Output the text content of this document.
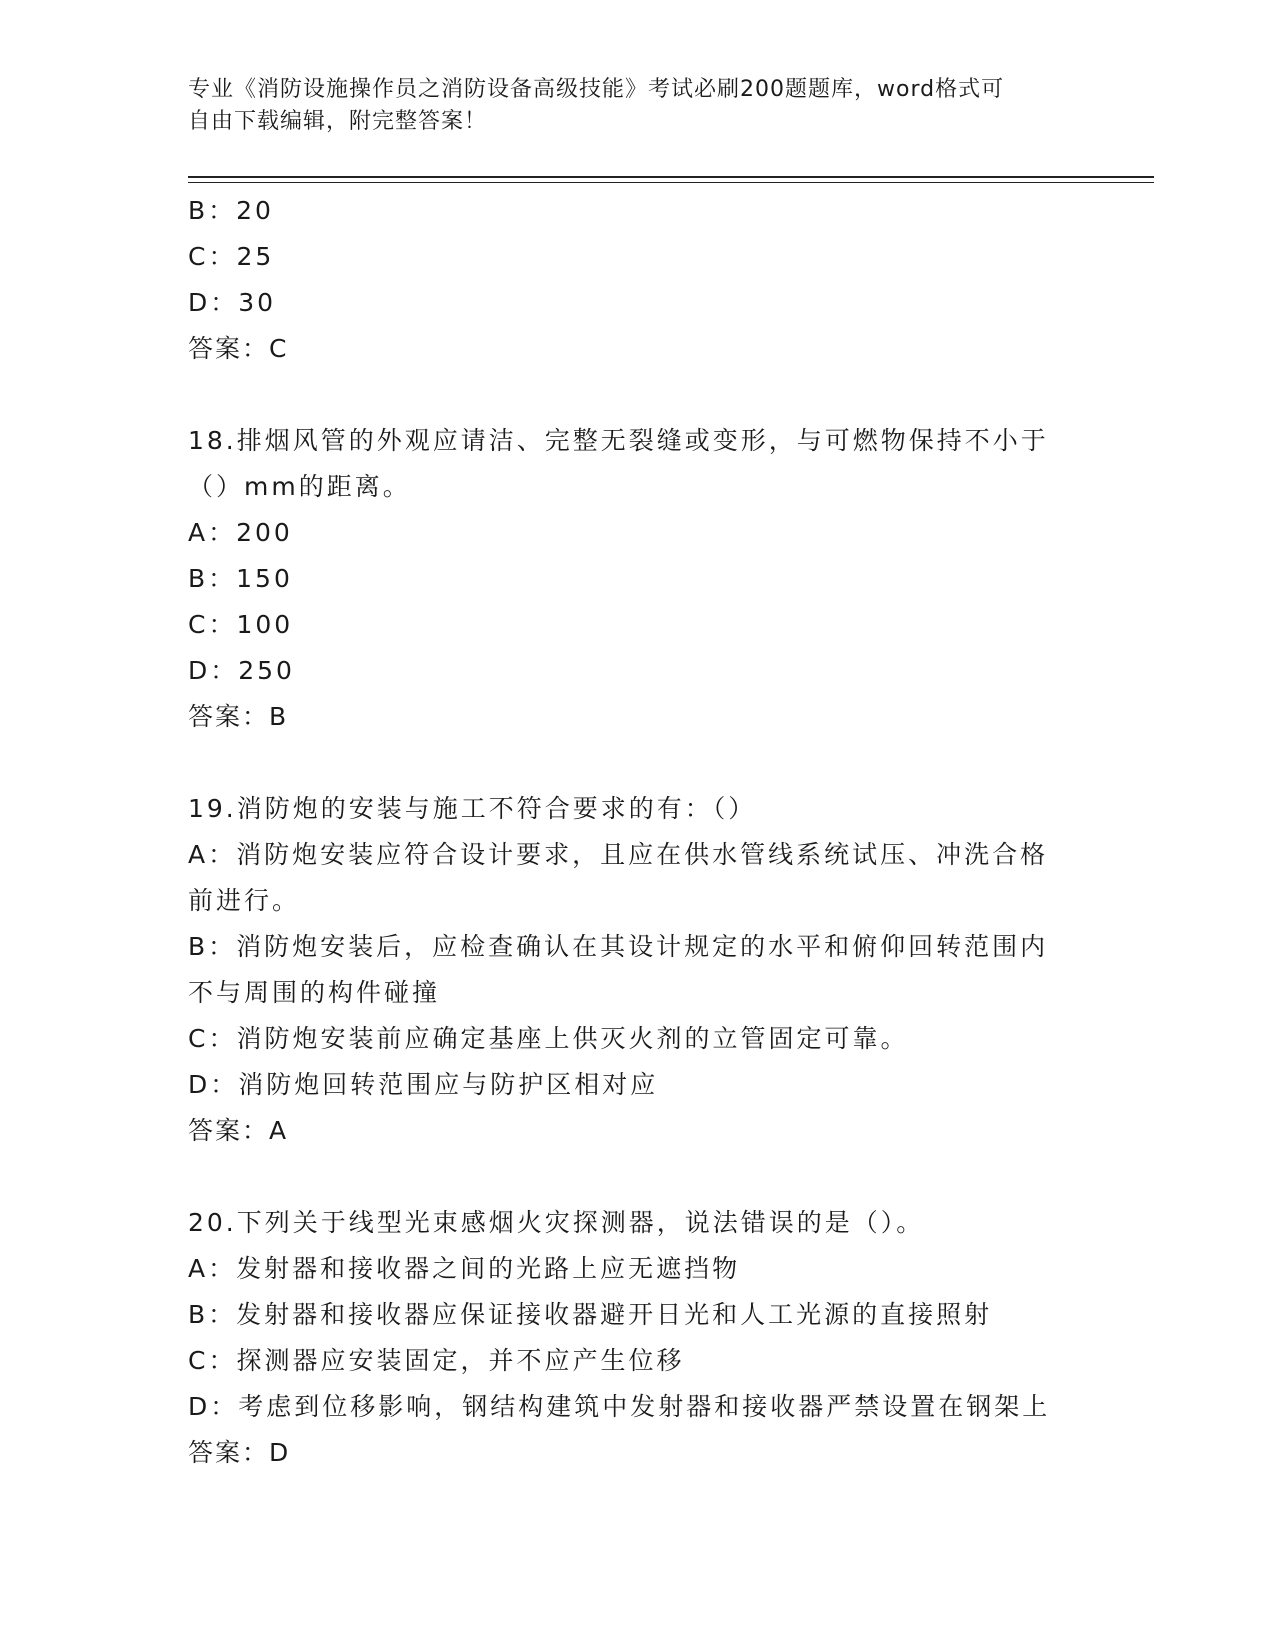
专业《消防设施操作员之消防设备高级技能》考试必刷200题题库，word格式可
自由下载编辑，附完整答案！
B：20
C：25
D：30
答案：C
18.排烟风管的外观应请洁、完整无裂缝或变形，与可燃物保持不小于
（）mm的距离。
A：200
B：150
C：100
D：250
答案：B
19.消防炮的安装与施工不符合要求的有：（）
A：消防炮安装应符合设计要求，且应在供水管线系统试压、冲洗合格
前进行。
B：消防炮安装后，应检查确认在其设计规定的水平和俯仰回转范围内
不与周围的构件碰撞
C：消防炮安装前应确定基座上供灭火剂的立管固定可靠。
D：消防炮回转范围应与防护区相对应
答案：A
20.下列关于线型光束感烟火灾探测器，说法错误的是（）。
A：发射器和接收器之间的光路上应无遮挡物
B：发射器和接收器应保证接收器避开日光和人工光源的直接照射
C：探测器应安装固定，并不应产生位移
D：考虑到位移影响，钢结构建筑中发射器和接收器严禁设置在钢架上
答案：D
